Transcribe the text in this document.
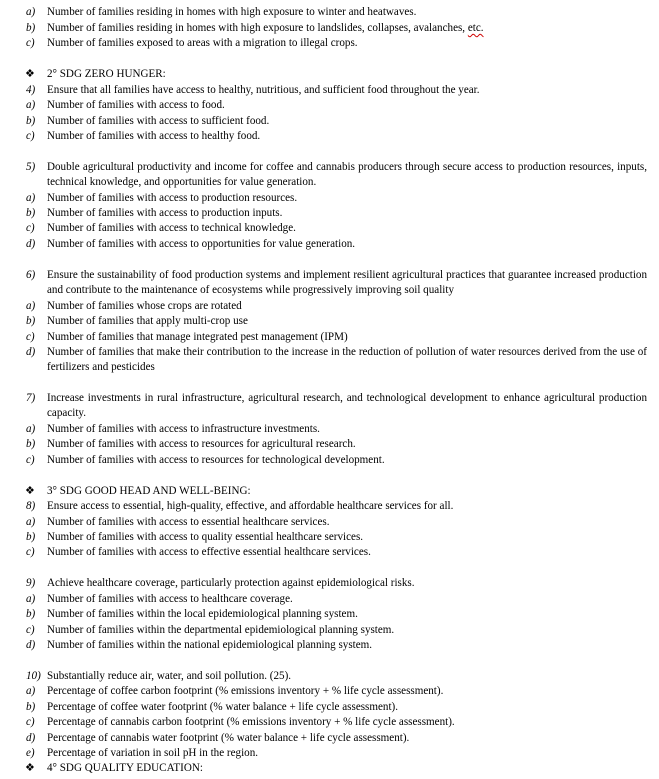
a) Number of families residing in homes with high exposure to winter and heatwaves.
b) Number of families residing in homes with high exposure to landslides, collapses, avalanches, etc.
c) Number of families exposed to areas with a migration to illegal crops.
❖ 2° SDG ZERO HUNGER:
4) Ensure that all families have access to healthy, nutritious, and sufficient food throughout the year.
a) Number of families with access to food.
b) Number of families with access to sufficient food.
c) Number of families with access to healthy food.
5) Double agricultural productivity and income for coffee and cannabis producers through secure access to production resources, inputs, technical knowledge, and opportunities for value generation.
a) Number of families with access to production resources.
b) Number of families with access to production inputs.
c) Number of families with access to technical knowledge.
d) Number of families with access to opportunities for value generation.
6) Ensure the sustainability of food production systems and implement resilient agricultural practices that guarantee increased production and contribute to the maintenance of ecosystems while progressively improving soil quality
a) Number of families whose crops are rotated
b) Number of families that apply multi-crop use
c) Number of families that manage integrated pest management (IPM)
d) Number of families that make their contribution to the increase in the reduction of pollution of water resources derived from the use of fertilizers and pesticides
7) Increase investments in rural infrastructure, agricultural research, and technological development to enhance agricultural production capacity.
a) Number of families with access to infrastructure investments.
b) Number of families with access to resources for agricultural research.
c) Number of families with access to resources for technological development.
❖ 3° SDG GOOD HEAD AND WELL-BEING:
8) Ensure access to essential, high-quality, effective, and affordable healthcare services for all.
a) Number of families with access to essential healthcare services.
b) Number of families with access to quality essential healthcare services.
c) Number of families with access to effective essential healthcare services.
9) Achieve healthcare coverage, particularly protection against epidemiological risks.
a) Number of families with access to healthcare coverage.
b) Number of families within the local epidemiological planning system.
c) Number of families within the departmental epidemiological planning system.
d) Number of families within the national epidemiological planning system.
10) Substantially reduce air, water, and soil pollution. (25).
a) Percentage of coffee carbon footprint (% emissions inventory + % life cycle assessment).
b) Percentage of coffee water footprint (% water balance + life cycle assessment).
c) Percentage of cannabis carbon footprint (% emissions inventory + % life cycle assessment).
d) Percentage of cannabis water footprint (% water balance + life cycle assessment).
e) Percentage of variation in soil pH in the region.
❖ 4° SDG QUALITY EDUCATION:
